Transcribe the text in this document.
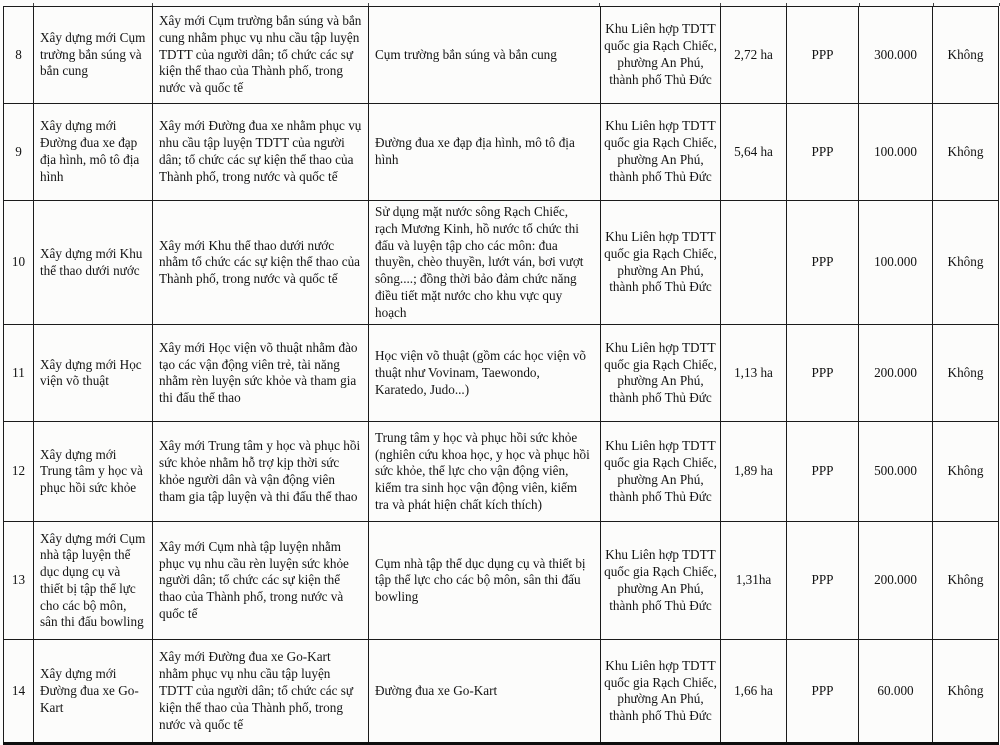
8	Xây dựng mới Cụm trường bắn súng và bắn cung	Xây mới Cụm trường bắn súng và bắn cung nhằm phục vụ nhu cầu tập luyện TDTT của người dân; tổ chức các sự kiện thể thao của Thành phố, trong nước và quốc tế	Cụm trường bắn súng và bắn cung	Khu Liên hợp TDTT quốc gia Rạch Chiếc, phường An Phú, thành phố Thủ Đức	2,72 ha	PPP	300.000	Không
9	Xây dựng mới Đường đua xe đạp địa hình, mô tô địa hình	Xây mới Đường đua xe nhằm phục vụ nhu cầu tập luyện TDTT của người dân; tổ chức các sự kiện thể thao của Thành phố, trong nước và quốc tế	Đường đua xe đạp địa hình, mô tô địa hình	Khu Liên hợp TDTT quốc gia Rạch Chiếc, phường An Phú, thành phố Thủ Đức	5,64 ha	PPP	100.000	Không
10	Xây dựng mới Khu thể thao dưới nước	Xây mới Khu thể thao dưới nước nhằm tổ chức các sự kiện thể thao của Thành phố, trong nước và quốc tế	Sử dụng mặt nước sông Rạch Chiếc, rạch Mương Kinh, hồ nước tổ chức thi đấu và luyện tập cho các môn: đua thuyền, chèo thuyền, lướt ván, bơi vượt sông....; đồng thời bảo đảm chức năng điều tiết mặt nước cho khu vực quy hoạch	Khu Liên hợp TDTT quốc gia Rạch Chiếc, phường An Phú, thành phố Thủ Đức		PPP	100.000	Không
11	Xây dựng mới Học viện võ thuật	Xây mới Học viện võ thuật nhằm đào tạo các vận động viên trẻ, tài năng nhằm rèn luyện sức khỏe và tham gia thi đấu thể thao	Học viện võ thuật (gồm các học viện võ thuật như Vovinam, Taewondo, Karatedo, Judo...)	Khu Liên hợp TDTT quốc gia Rạch Chiếc, phường An Phú, thành phố Thủ Đức	1,13 ha	PPP	200.000	Không
12	Xây dựng mới Trung tâm y học và phục hồi sức khỏe	Xây mới Trung tâm y học và phục hồi sức khỏe nhằm hỗ trợ kịp thời sức khỏe người dân và vận động viên tham gia tập luyện và thi đấu thể thao	Trung tâm y học và phục hồi sức khỏe (nghiên cứu khoa học, y học và phục hồi sức khỏe, thể lực cho vận động viên, kiểm tra sinh học vận động viên, kiểm tra và phát hiện chất kích thích)	Khu Liên hợp TDTT quốc gia Rạch Chiếc, phường An Phú, thành phố Thủ Đức	1,89 ha	PPP	500.000	Không
13	Xây dựng mới Cụm nhà tập luyện thể dục dụng cụ và thiết bị tập thể lực cho các bộ môn, sân thi đấu bowling	Xây mới Cụm nhà tập luyện nhằm phục vụ nhu cầu rèn luyện sức khỏe người dân; tổ chức các sự kiện thể thao của Thành phố, trong nước và quốc tế	Cụm nhà tập thể dục dụng cụ và thiết bị tập thể lực cho các bộ môn, sân thi đấu bowling	Khu Liên hợp TDTT quốc gia Rạch Chiếc, phường An Phú, thành phố Thủ Đức	1,31ha	PPP	200.000	Không
14	Xây dựng mới Đường đua xe Go-Kart	Xây mới Đường đua xe Go-Kart nhằm phục vụ nhu cầu tập luyện TDTT của người dân; tổ chức các sự kiện thể thao của Thành phố, trong nước và quốc tế	Đường đua xe Go-Kart	Khu Liên hợp TDTT quốc gia Rạch Chiếc, phường An Phú, thành phố Thủ Đức	1,66 ha	PPP	60.000	Không
